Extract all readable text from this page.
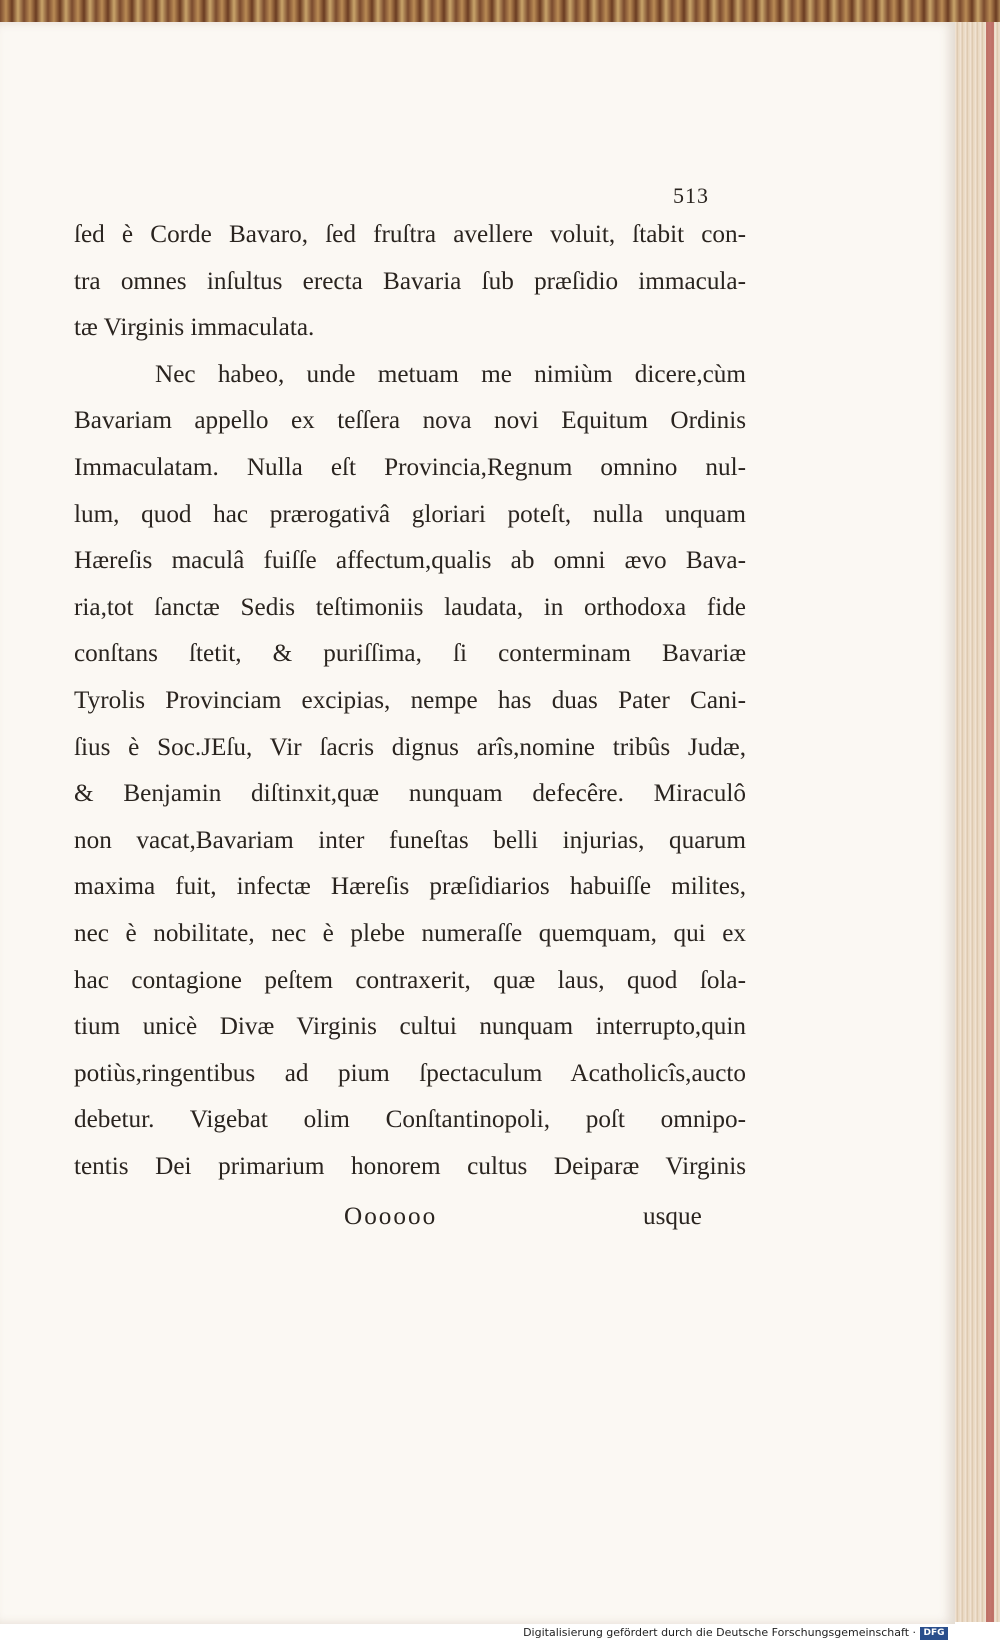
513
ſed è Corde Bavaro, ſed fruſtra avellere voluit, ſtabit con-
tra omnes inſultus erecta Bavaria ſub præſidio immacula-
tæ Virginis immaculata.
Nec habeo, unde metuam me nimiùm dicere,cùm
Bavariam appello ex teſſera nova novi Equitum Ordinis
Immaculatam. Nulla eſt Provincia,Regnum omnino nul-
lum, quod hac prærogativâ gloriari poteſt, nulla unquam
Hæreſis maculâ fuiſſe affectum,qualis ab omni ævo Bava-
ria,tot ſanctæ Sedis teſtimoniis laudata, in orthodoxa fide
conſtans ſtetit, & puriſſima, ſi conterminam Bavariæ
Tyrolis Provinciam excipias, nempe has duas Pater Cani-
ſius è Soc.JEſu, Vir ſacris dignus arîs,nomine tribûs Judæ,
& Benjamin diſtinxit,quæ nunquam defecêre. Miraculô
non vacat,Bavariam inter funeſtas belli injurias, quarum
maxima fuit, infectæ Hæreſis præſidiarios habuiſſe milites,
nec è nobilitate, nec è plebe numeraſſe quemquam, qui ex
hac contagione peſtem contraxerit, quæ laus, quod ſola-
tium unicè Divæ Virginis cultui nunquam interrupto,quin
potiùs,ringentibus ad pium ſpectaculum Acatholicîs,aucto
debetur. Vigebat olim Conſtantinopoli, poſt omnipo-
tentis Dei primarium honorem cultus Deiparæ Virginis
Oooooo	usque
Digitalisierung gefördert durch die Deutsche Forschungsgemeinschaft · DFG
